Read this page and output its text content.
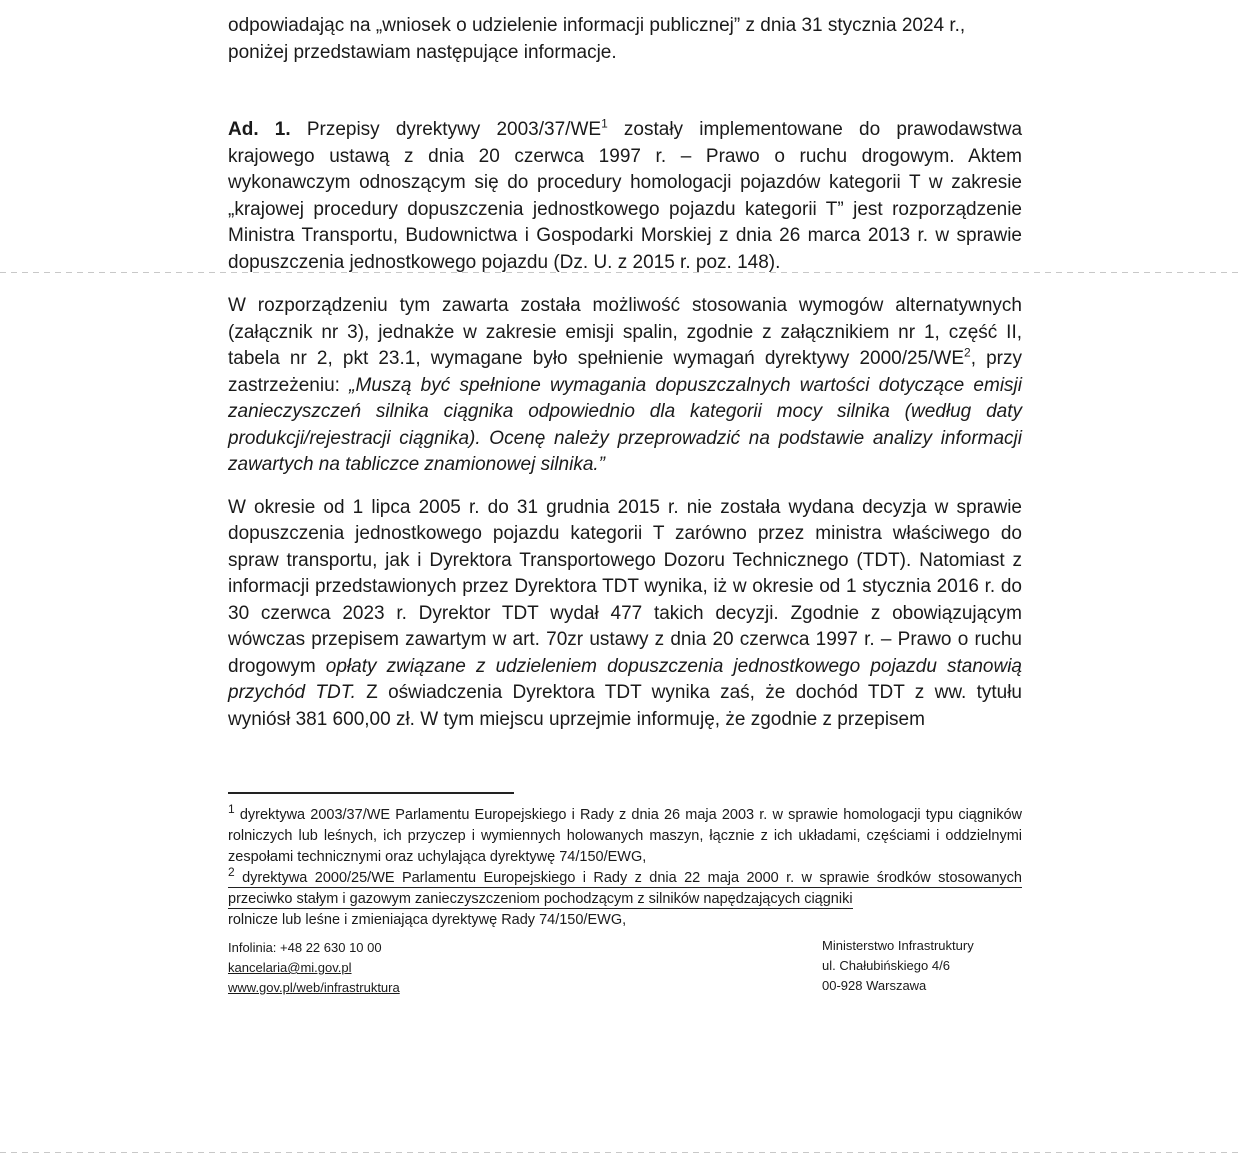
odpowiadając na „wniosek o udzielenie informacji publicznej” z dnia 31 stycznia 2024 r.,
poniżej przedstawiam następujące informacje.

Ad. 1. Przepisy dyrektywy $2003/37/WE^1$ zostały implementowane do prawodawstwa krajowego ustawą z dnia 20 czerwca 1997 r. – Prawo o ruchu drogowym. Aktem wykonawczym odnoszącym się do procedury homologacji pojazdów kategorii T w zakresie „krajowej procedury dopuszczenia jednostkowego pojazdu kategorii T” jest rozporządzenie Ministra Transportu, Budownictwa i Gospodarki Morskiej z dnia 26 marca 2013 r. w sprawie dopuszczenia jednostkowego pojazdu (Dz. U. z 2015 r. poz. 148).

W rozporządzeniu tym zawarta została możliwość stosowania wymogów alternatywnych (załącznik nr 3), jednakże w zakresie emisji spalin, zgodnie z załącznikiem nr 1, część II, tabela nr 2, pkt 23.1, wymagane było spełnienie wymagań dyrektywy $2000/25/WE^2$, przy zastrzeżeniu: „Muszą być spełnione wymagania dopuszczalnych wartości dotyczące emisji zanieczyszczeń silnika ciągnika odpowiednio dla kategorii mocy silnika (według daty produkcji/rejestracji ciągnika). Ocenę należy przeprowadzić na podstawie analizy informacji zawartych na tabliczce znamionowej silnika.”

W okresie od 1 lipca 2005 r. do 31 grudnia 2015 r. nie została wydana decyzja w sprawie dopuszczenia jednostkowego pojazdu kategorii T zarówno przez ministra właściwego do spraw transportu, jak i Dyrektora Transportowego Dozoru Technicznego (TDT). Natomiast z informacji przedstawionych przez Dyrektora TDT wynika, iż w okresie od 1 stycznia 2016 r. do 30 czerwca 2023 r. Dyrektor TDT wydał 477 takich decyzji. Zgodnie z obowiązującym wówczas przepisem zawartym w art. 70zr ustawy z dnia 20 czerwca 1997 r. – Prawo o ruchu drogowym opłaty związane z udzieleniem dopuszczenia jednostkowego pojazdu stanowią przychód TDT. Z oświadczenia Dyrektora TDT wynika zaś, że dochód TDT z ww. tytułu wyniósł 381 600,00 zł. W tym miejscu uprzejmie informuję, że zgodnie z przepisem

$^1$ dyrektywa 2003/37/WE Parlamentu Europejskiego i Rady z dnia 26 maja 2003 r. w sprawie homologacji typu ciągników rolniczych lub leśnych, ich przyczep i wymiennych holowanych maszyn, łącznie z ich układami, częściami i oddzielnymi zespołami technicznymi oraz uchylająca dyrektywę 74/150/EWG,

$^2$ dyrektywa 2000/25/WE Parlamentu Europejskiego i Rady z dnia 22 maja 2000 r. w sprawie środków stosowanych przeciwko stałym i gazowym zanieczyszczeniom pochodzącym z silników napędzających ciągniki
rolnicze lub leśne i zmieniająca dyrektywę Rady 74/150/EWG,

Infolinia: +48 22 630 10 00
kancelaria@mi.gov.pl
www.gov.pl/web/infrastruktura
Ministerstwo Infrastruktury
ul. Chałubińskiego 4/6
00-928 Warszawa
